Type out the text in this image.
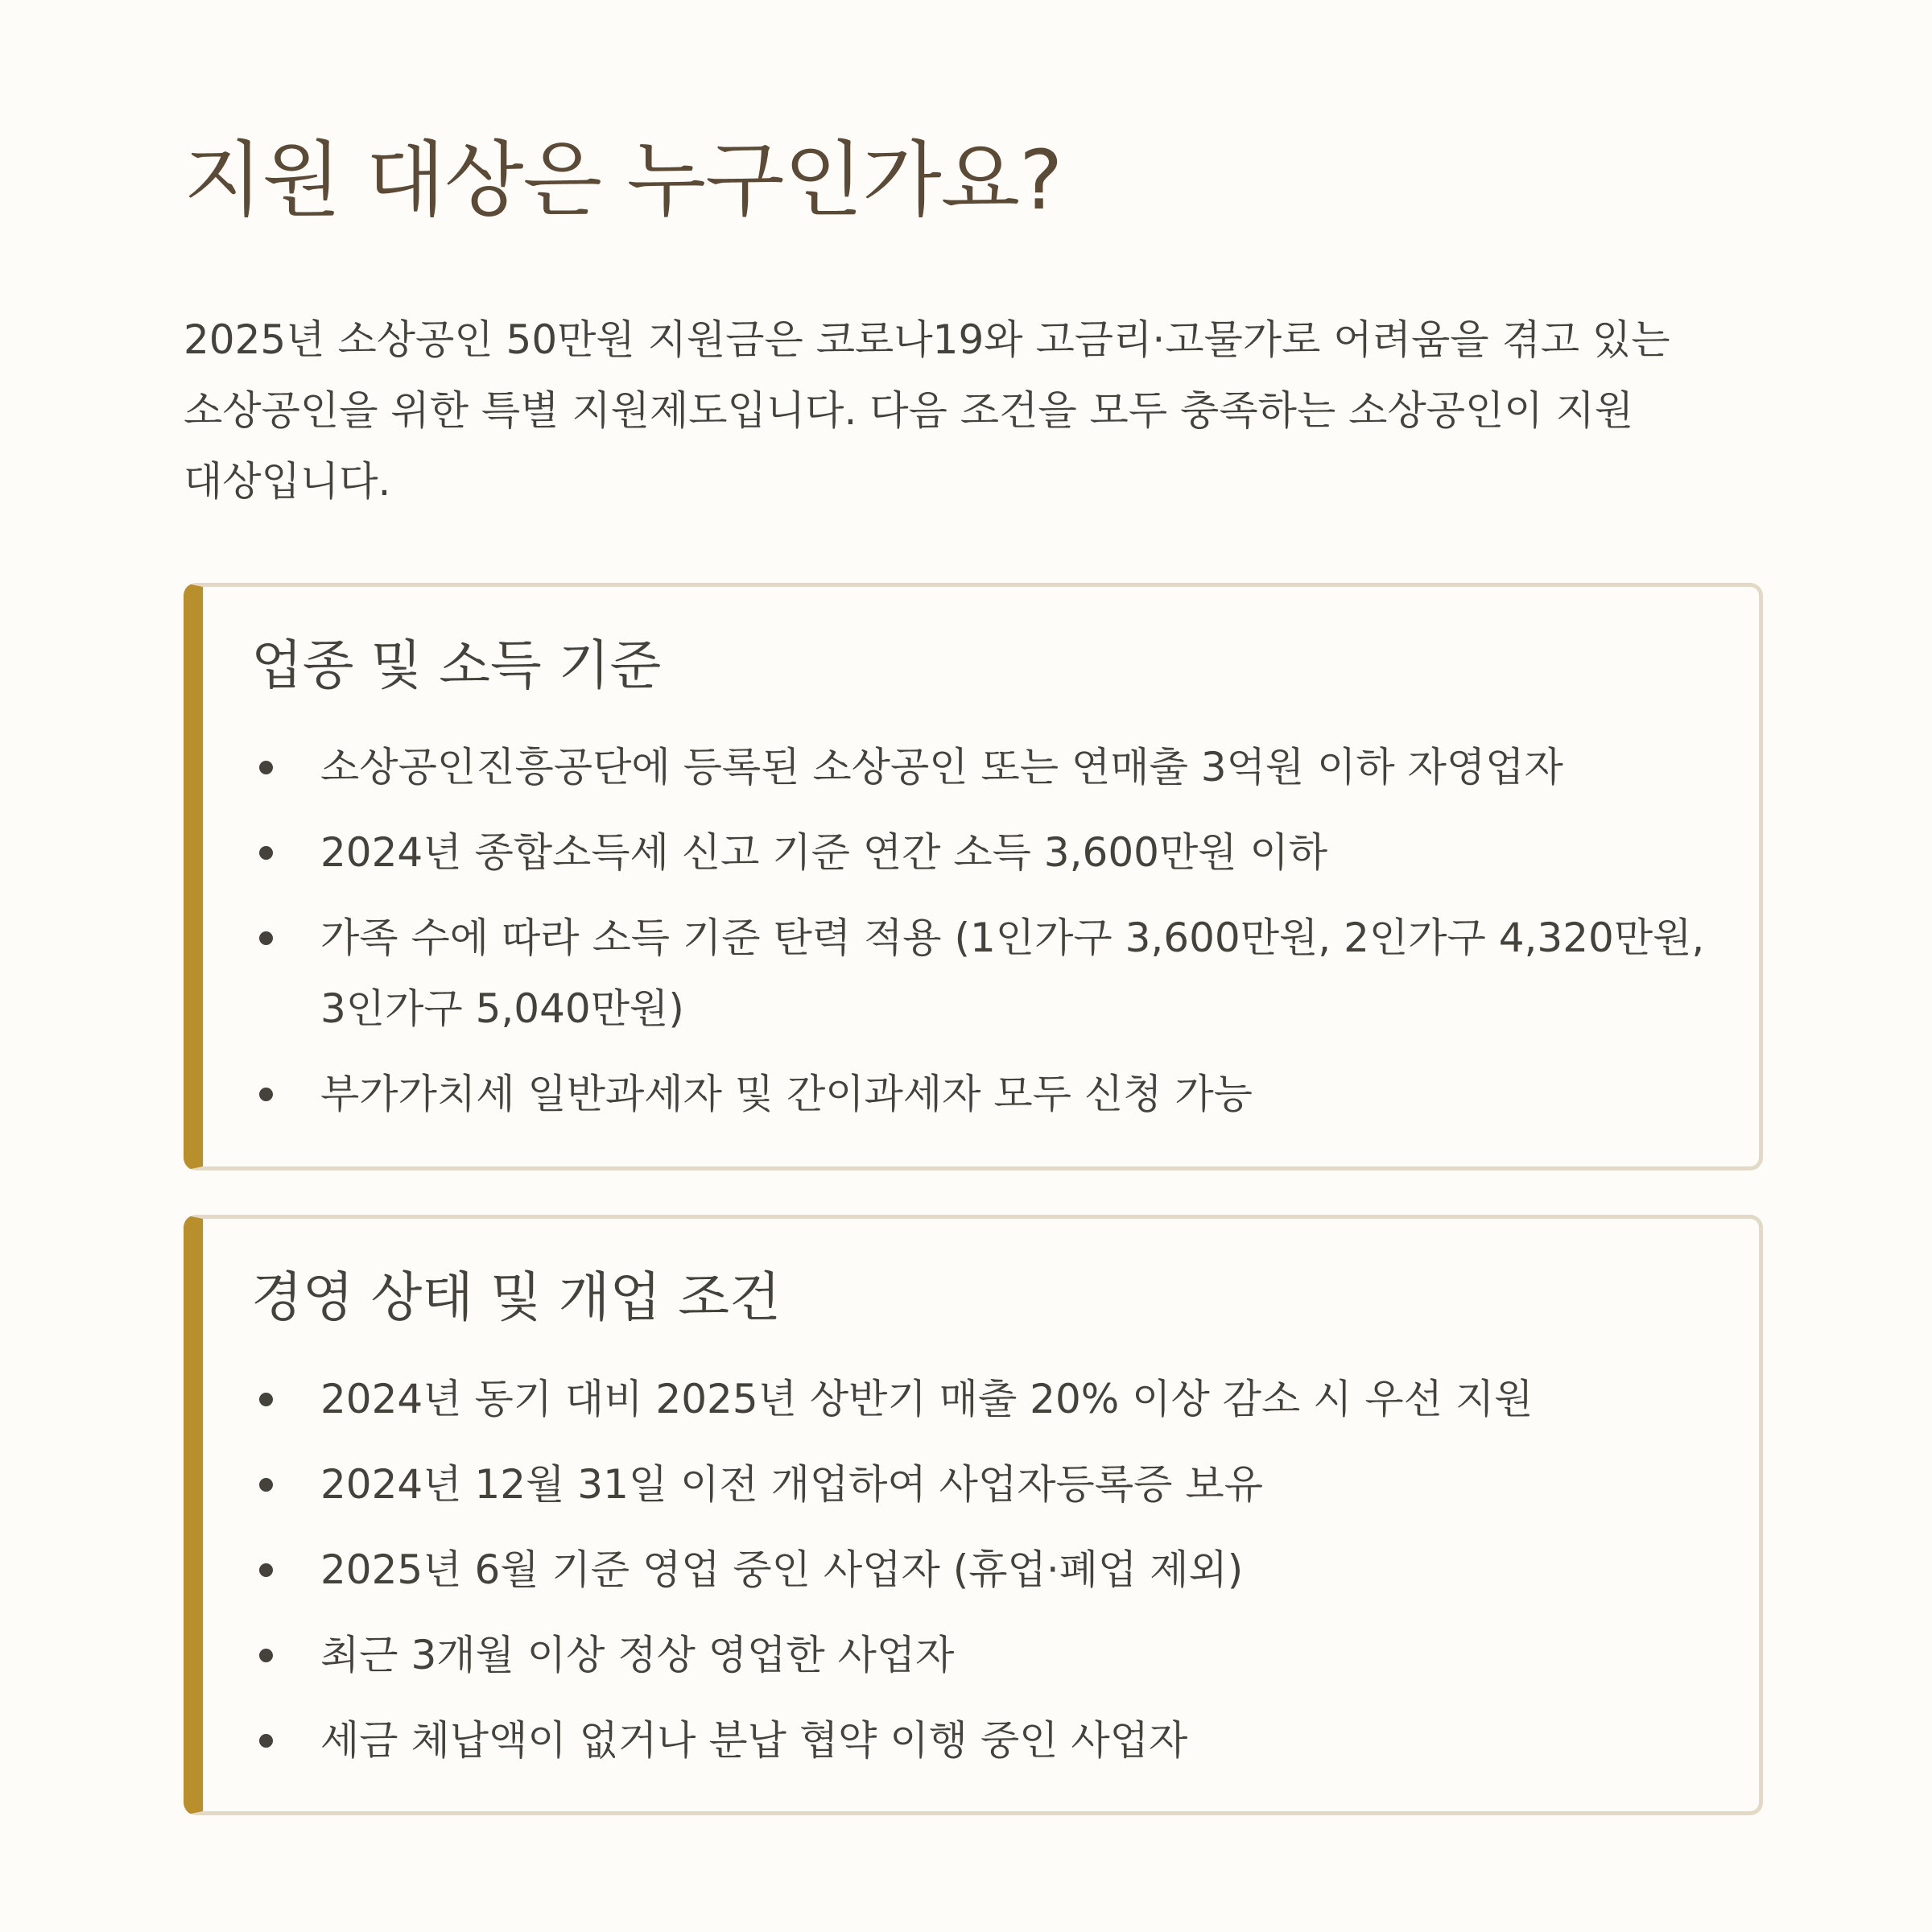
지원 대상은 누구인가요?

2025년 소상공인 50만원 지원금은 코로나19와 고금리·고물가로 어려움을 겪고 있는 소상공인을 위한 특별 지원제도입니다. 다음 조건을 모두 충족하는 소상공인이 지원 대상입니다.

업종 및 소득 기준
소상공인진흥공단에 등록된 소상공인 또는 연매출 3억원 이하 자영업자
2024년 종합소득세 신고 기준 연간 소득 3,600만원 이하
가족 수에 따라 소득 기준 탄력 적용 (1인가구 3,600만원, 2인가구 4,320만원, 3인가구 5,040만원)
부가가치세 일반과세자 및 간이과세자 모두 신청 가능
경영 상태 및 개업 조건
2024년 동기 대비 2025년 상반기 매출 20% 이상 감소 시 우선 지원
2024년 12월 31일 이전 개업하여 사업자등록증 보유
2025년 6월 기준 영업 중인 사업자 (휴업·폐업 제외)
최근 3개월 이상 정상 영업한 사업자
세금 체납액이 없거나 분납 협약 이행 중인 사업자
